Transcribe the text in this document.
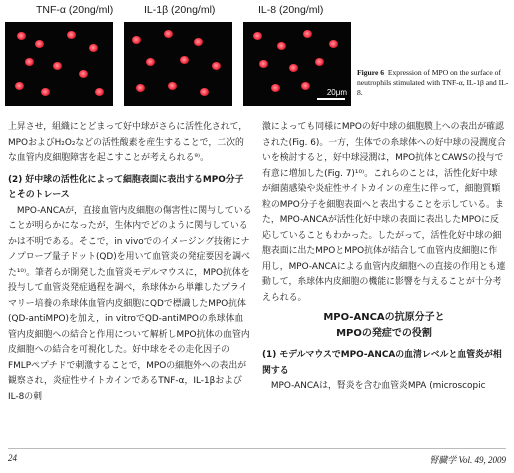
TNF-α (20ng/ml)	IL-1β (20ng/ml)	IL-8 (20ng/ml)
20μm
Figure 6 Expression of MPO on the surface of neutrophils stimulated with TNF-α, IL-1β and IL-8.

上昇させ，組織にとどまって好中球がさらに活性化されて，MPOおよびH₂O₂などの活性酸素を産生することで，二次的な血管内皮細胞障害を起こすことが考えられる⁹⁾。

(2) 好中球の活性化によって細胞表面に表出するMPO分子とそのトレース

MPO-ANCAが，直接血管内皮細胞の傷害性に関与していることが明らかになったが，生体内でどのように関与しているかは不明である。そこで，in vivoでのイメージング技術にナノプローブ量子ドット(QD)を用いて血管炎の発症要因を調べた¹⁰⁾。筆者らが開発した血管炎モデルマウスに，MPO抗体を投与して血管炎発症過程を調べ，糸球体から単離したプライマリー培養の糸球体血管内皮細胞にQDで標識したMPO抗体(QD-antiMPO)を加え，in vitroでQD-antiMPOの糸球体血管内皮細胞への結合と作用について解析しMPO抗体の血管内皮細胞への結合を可視化した。好中球をその走化因子のFMLPペプチドで刺激することで，MPOの細胞外への表出が観察され，炎症性サイトカインであるTNF-α，IL-1βおよびIL-8の刺

激によっても同様にMPOの好中球の細胞膜上への表出が確認された(Fig. 6)。一方，生体での糸球体への好中球の浸潤度合いを検討すると，好中球浸潤は，MPO抗体とCAWSの投与で有意に増加した(Fig. 7)¹⁰⁾。これらのことは，活性化好中球が細菌感染や炎症性サイトカインの産生に伴って，細胞質顆粒のMPO分子を細胞表面へと表出することを示している。また，MPO-ANCAが活性化好中球の表面に表出したMPOに反応していることもわかった。したがって，活性化好中球の細胞表面に出たMPOとMPO抗体が結合して血管内皮細胞に作用し，MPO-ANCAによる血管内皮細胞への直接の作用とも連動して，糸球体内皮細胞の機能に影響を与えることが十分考えられる。

MPO-ANCAの抗原分子と
MPOの発症での役割

(1) モデルマウスでMPO-ANCAの血清レベルと血管炎が相関する

MPO-ANCAは，腎炎を含む血管炎MPA (microscopic

24	腎臓学 Vol. 49, 2009
